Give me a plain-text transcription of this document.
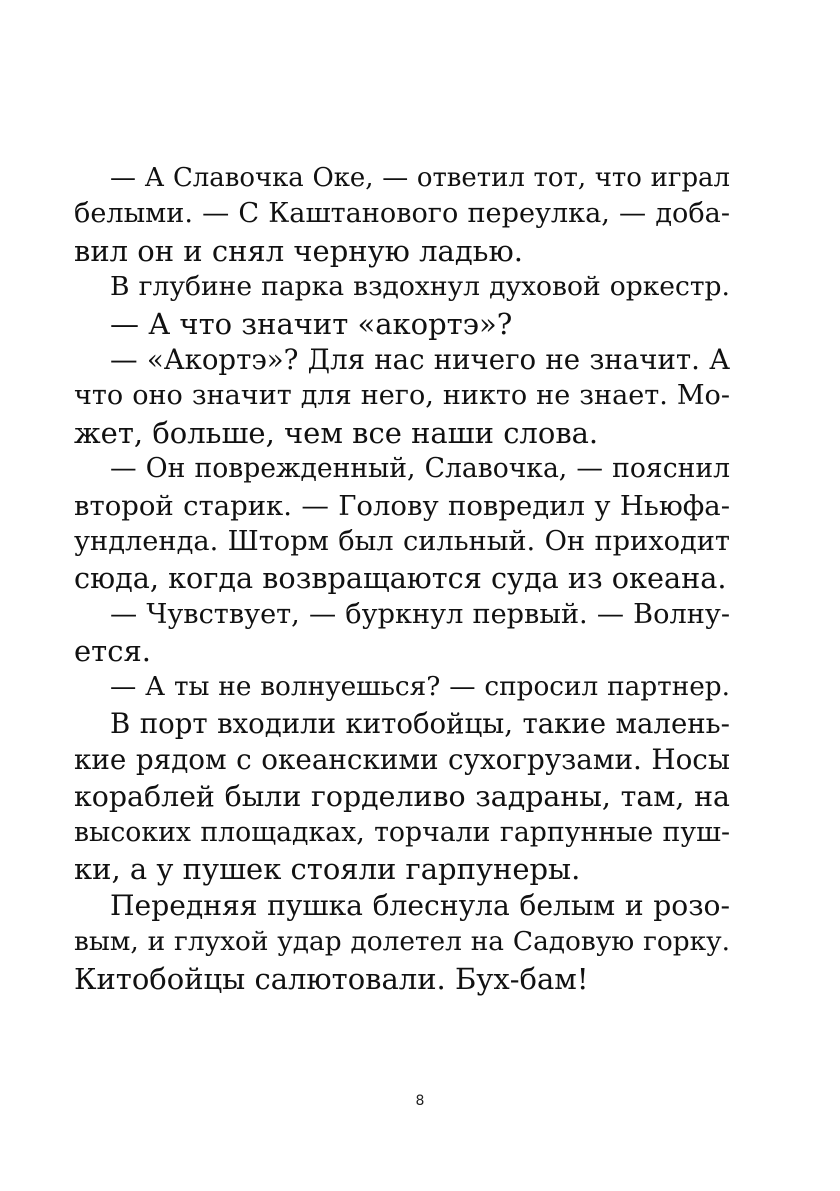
— А Славочка Оке, — ответил тот, что играл
белыми. — С Каштанового переулка, — доба-
вил он и снял черную ладью.
В глубине парка вздохнул духовой оркестр.
— А что значит «акортэ»?
— «Акортэ»? Для нас ничего не значит. А
что оно значит для него, никто не знает. Мо-
жет, больше, чем все наши слова.
— Он поврежденный, Славочка, — пояснил
второй старик. — Голову повредил у Ньюфа-
ундленда. Шторм был сильный. Он приходит
сюда, когда возвращаются суда из океана.
— Чувствует, — буркнул первый. — Волну-
ется.
— А ты не волнуешься? — спросил партнер.
В порт входили китобойцы, такие малень-
кие рядом с океанскими сухогрузами. Носы
кораблей были горделиво задраны, там, на
высоких площадках, торчали гарпунные пуш-
ки, а у пушек стояли гарпунеры.
Передняя пушка блеснула белым и розо-
вым, и глухой удар долетел на Садовую горку.
Китобойцы салютовали. Бух-бам!
8
